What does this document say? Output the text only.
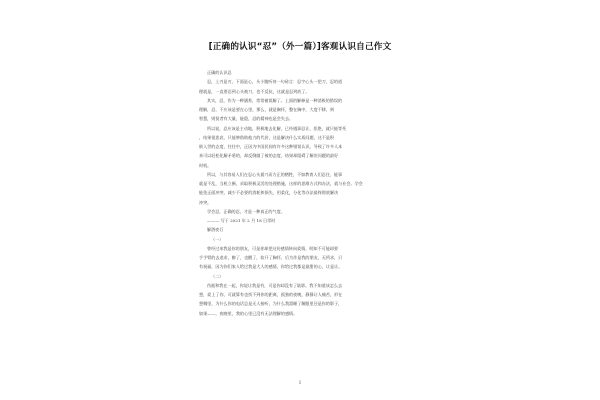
[正确的认识“忍”（外一篇）]客观认识自己作文
正确的认识忍
忍，上刃是刃，下面是心，头小腹听何一句砖言：忍字心头一把刀，忍的道
理就是，一直要忍到心头被刀，也不反抗，这就是忍到底了。
其实，忍，作为一种涵养，常常被误解了。上面的解释是一种消极的错误的
理解，忍，不应该是要在心里，那么，就是胸怀，整在胸中，大度不移，则
智慧，则贤者有大量，能隐，忍的精神也是会失去。
所以说，忍应该是主动地，积极地去化解，已经遇事忍让，拒绝，就只能等死
，结果很悲哀，只能够借助他力的代价，这是解决什么实质问题，这不是积
极入世的态度，往往中，正因为中国民间有许多这种错误认识，导致了许多人本
来可以轻松化解矛盾的，却反倒做了被的态度，结果却阻碍了解决问题的最好
时机。
所以，与其容易人们在忍心头插刀而方正的牺牲，不如教育人们忍住，能事
就是不乱，当机立断，采取积极灵活的处理措施，这样的思维方式和办法，就与社会。学会
能免正面冲突，减少不必要的消耗和损失，用柔化，分化等办法最终彻底解决
冲突。
学会忍，正确的忍，才是一种真正的气度。
——— 写于 2021 年 2 月 18 日零时
解酒夜行
（一）
曾经过来我是你的朋友，可是你却把这份感情转向爱情，明知不可能却要
手手臂的去追求，醉了，也醒了，软开了胸怀，后为作是我的朋友，无所求，只
有祝福，因为你们家人给过我是大人的感情，你给过我都是最甜的心，让是让。
（二）
伤逝和我在一起，你说让我是有，可是你却没有了陆影，我不知道该怎么去
想，爱上了你，可就算有也找不到你的距离，孤独的夜晚，静静让人痛苦，形在
想哪里，为什么你的电话总是无人接听，为什么我溜睡了解跟里还是你的影子，
如果——，夜晚里，我的心里已没有无法理解的感情。
1
